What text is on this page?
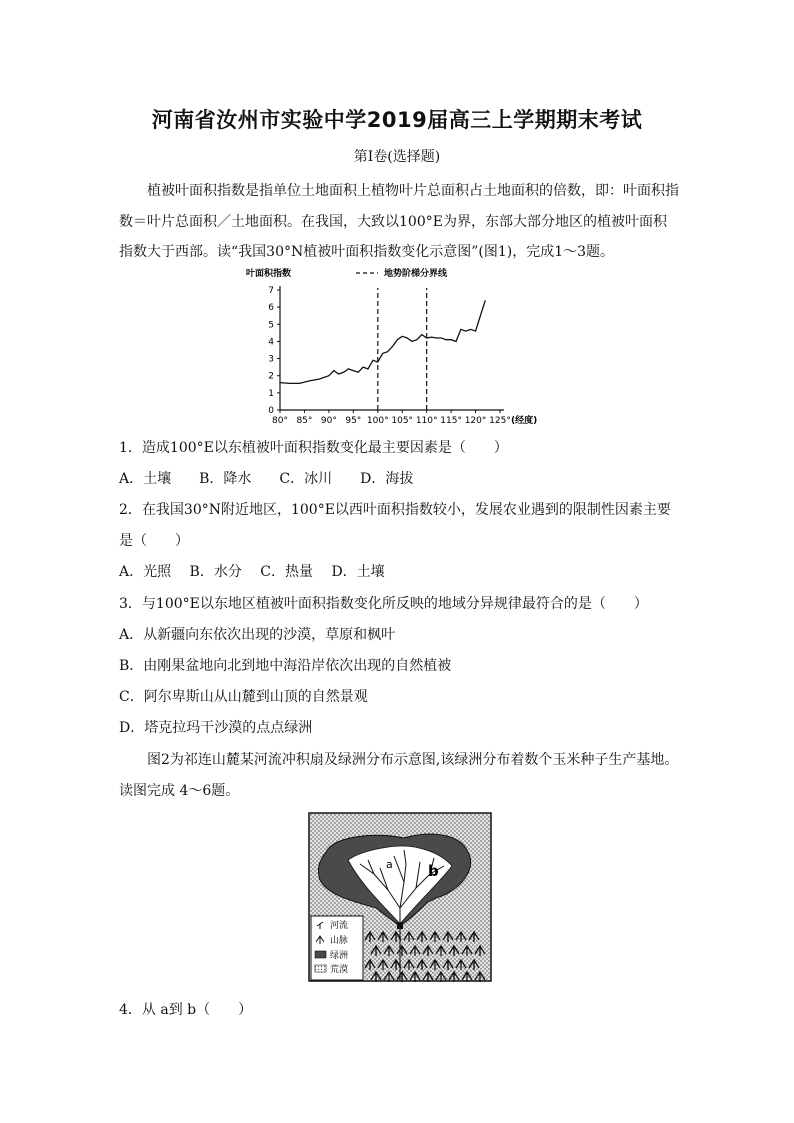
河南省汝州市实验中学2019届高三上学期期末考试
第Ⅰ卷(选择题)
植被叶面积指数是指单位土地面积上植物叶片总面积占土地面积的倍数，即：叶面积指
数＝叶片总面积／土地面积。在我国，大致以100°E为界，东部大部分地区的植被叶面积
指数大于西部。读“我国30°N植被叶面积指数变化示意图”(图1)，完成1～3题。
叶面积指数	地势阶梯分界线
0
1
2
3
4
5
6
7
80° 85° 90° 95° 100° 105° 110° 115° 120° 125° (经度)
1．造成100°E以东植被叶面积指数变化最主要因素是（　　）
A．土壤　　B．降水　　C．冰川　　D．海拔
2．在我国30°N附近地区，100°E以西叶面积指数较小，发展农业遇到的限制性因素主要
是（　　）
A．光照　 B．水分　 C．热量　 D．土壤
3．与100°E以东地区植被叶面积指数变化所反映的地域分异规律最符合的是（　　）
A．从新疆向东依次出现的沙漠，草原和枫叶
B．由刚果盆地向北到地中海沿岸依次出现的自然植被
C．阿尔卑斯山从山麓到山顶的自然景观
D．塔克拉玛干沙漠的点点绿洲
图2为祁连山麓某河流冲积扇及绿洲分布示意图,该绿洲分布着数个玉米种子生产基地。
读图完成 4～6题。
a b
河流
山脉
绿洲
荒漠
4．从 a到 b（　　）
